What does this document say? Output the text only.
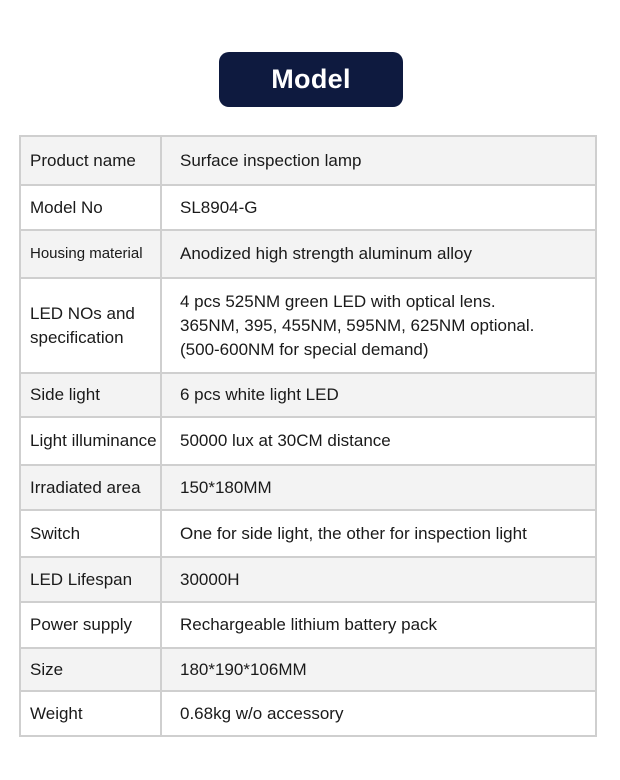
Model
Product name	Surface inspection lamp
Model No	SL8904-G
Housing material	Anodized high strength aluminum alloy
LED NOs and specification	4 pcs 525NM green LED with optical lens.
365NM, 395, 455NM, 595NM, 625NM optional.
(500-600NM for special demand)

Side light	6 pcs white light LED
Light illuminance	50000 lux at 30CM distance
Irradiated area	150*180MM
Switch	One for side light, the other for inspection light
LED Lifespan	30000H
Power supply	Rechargeable lithium battery pack
Size	180*190*106MM
Weight	0.68kg w/o accessory
